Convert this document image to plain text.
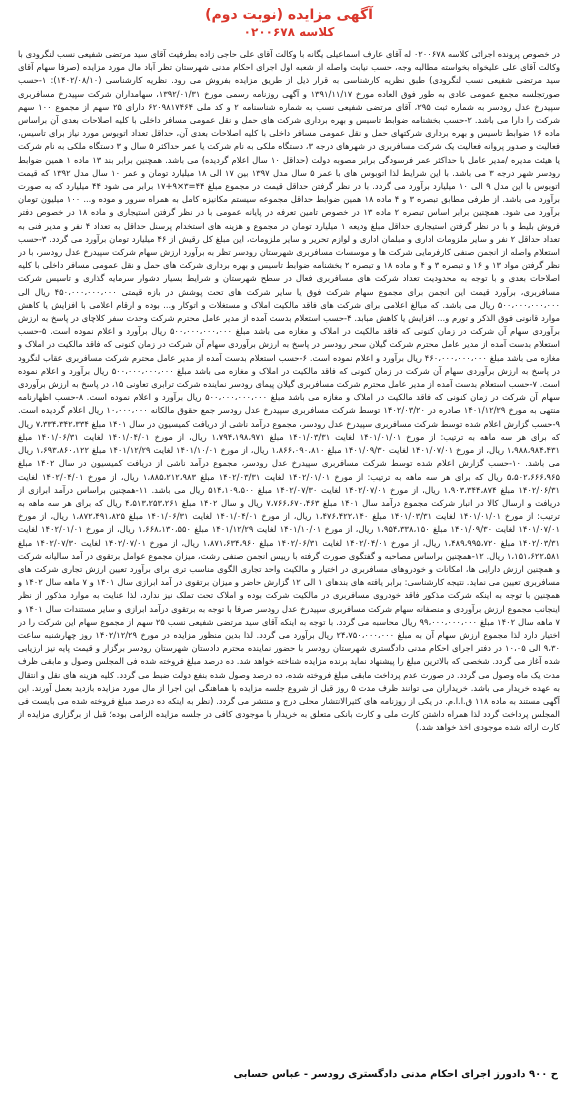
آگهی مزایده (نوبت دوم)
کلاسه ۰۲۰۰۶۷۸

در خصوص پرونده اجرائی کلاسه ۰۲۰۰۶۷۸ له آقای عارف اسماعیلی یگانه با وکالت آقای علی حاجی زاده بطرفیت آقای سید مرتضی شفیعی نسب لنگرودی با وکالت آقای علی علیخواه بخواسته مطالبه وجه، حسب نیابت واصله از شعبه اول اجرای احکام مدنی شهرستان تظر آباد مال مورد مزایده (صرفا سهام آقای سید مرتضی شفیعی نسب لنگرودی) طبق نظریه کارشناسی به قرار ذیل از طریق مزایده بفروش می رود. نظریه کارشناسی (۱۴۰۲/۰۸/۱۰): ۱-حسب صورتجلسه مجمع عمومی عادی به طور فوق العاده مورخ ۱۳۹۱/۱۱/۱۷ و آگهی روزنامه رسمی مورخ ۱۳۹۲/۰۱/۳۱، سهامداران شرکت سپیدرخ مسافربری سپیدرخ عدل رودسر به شماره ثبت ۲۹۵، آقای مرتضی شفیعی نسب به شماره شناسنامه ۲ و کد ملی ۶۲۰۹۸۱۷۴۶۴ دارای ۲۵ سهم از مجموع ۱۰۰ سهم شرکت را دارا می باشد. ۲-حسب بخشنامه ضوابط تاسیس و بهره برداری شرکت های حمل و نقل عمومی مسافر داخلی با کلیه اصلاحات بعدی آن براساس ماده ۱۶ ضوابط تاسیس و بهره برداری شرکتهای حمل و نقل عمومی مسافر داخلی با کلیه اصلاحات بعدی آن، حداقل تعداد اتوبوس مورد نیاز برای تاسیس، فعالیت و صدور پروانه فعالیت یک شرکت مسافربری در شهرهای درجه ۳، دستگاه ملکی به نام شرکت یا عمر حداکثر ۵ سال و ۳ دستگاه ملکی به نام شرکت یا هیئت مدیره /مدیر عامل با حداکثر عمر فرسودگی برابر مصوبه دولت (حداقل ۱۰ سال اعلام گردیده) می باشد. همچنین برابر بند ۱۳ ماده ۱ همین ضوابط رودسر شهر درجه ۳ می باشد. با این شرایط لذا اتوبوس های با عمر ۵ سال مدل ۱۳۹۷ بین ۱۷ الی ۱۸ میلیارد تومان و عمر ۱۰ سال مدل ۱۳۹۲ که قیمت اتوبوس با این مدل ۹ الی ۱۰ میلیارد برآورد می گردد. با در نظر گرفتن حداقل قیمت در مجموع مبلغ ۴۴=۳×۹+۱۷ برابر می شود ۴۴ میلیارد که به صورت برآورد می باشد. از طرفی مطابق تبصره ۳ و ۴ ماده ۱۸ همین ضوابط حداقل مجموعه سیستم مکانیزه کامل به همراه سرور و موده و... ۱۰۰ میلیون تومان برآورد می شود. همچنین برابر اساس تبصره ۲ ماده ۱۳ در خصوص تامین تعرفه در پایانه عمومی با در نظر گرفتن استیجاری و ماده ۱۸ در خصوص دفتر فروش بلیط و با در نظر گرفتن استیجاری حداقل مبلغ ودیعه ۱ میلیارد تومان در مجموع و هزینه های استخدام پرسنل حداقل به تعداد ۴ نفر و مدیر فنی به تعداد حداقل ۲ نفر و سایر ملزومات اداری و مبلمان اداری و لوازم تحریر و سایر ملزومات، این مبلغ کل رقیش از ۴۶ میلیارد تومان برآورد می گردد. ۳-حسب استعلام واصله از انجمن صنفی کارفرمایی شرکت ها و موسسات مسافربری شهرستان رودسر تظر به برآورد ارزش سهام شرکت سپیدرخ عدل رودسر، با در نظر گرفتن مواد ۱۳ و ۱۶ و تبصره ۳ و ۴ و ماده ۱۸ و تبصره ۲ بخشنامه ضوابط تاسیس و بهره برداری شرکت های حمل و نقل عمومی مسافر داخلی با کلیه اصلاحات بعدی و با توجه به محدودیت تعداد شرکت های مسافربری فعال در سطح شهرستان و شرایط بسیار دشوار سرمایه گذاری و تاسیس شرکت مسافربری، برآورد قیمت این انجمن برای مجموع سهام شرکت فوق یا سایر شرکت های تحت پوشش در بازه قیمتی ۴۵۰،۰۰۰،۰۰۰،۰۰۰ ریال الی ۵۰۰،۰۰۰،۰۰۰،۰۰۰ ریال می باشد. که مبالغ اعلامی برای شرکت های فاقد مالکیت املاک و مستغلات و اتوکار و... بوده و ارقام اعلامی با افزایش یا کاهش موارد قانونی فوق الذکر و تورم و... افزایش یا کاهش مبابد. ۴-حسب استعلام بدست آمده از مدیر عامل محترم شرکت وحدت سفر کلاچای در پاسخ به ارزش برآوردی سهام آن شرکت در زمان کنونی که فاقد مالکیت در املاک و مغازه می باشد مبلغ ۵۰۰،۰۰۰،۰۰۰،۰۰۰ ریال برآورد و اعلام نموده است. ۵-حسب استعلام بدست آمده از مدیر عامل محترم شرکت گیلان سحر رودسر در پاسخ به ارزش برآوردی سهام آن شرکت در زمان کنونی که فاقد مالکیت در املاک و مغازه می باشد مبلغ ۴۶۰،۰۰۰،۰۰۰،۰۰۰ ریال برآورد و اعلام نموده است. ۶-حسب استعلام بدست آمده از مدیر عامل محترم شرکت مسافربری عقاب لنگرود در پاسخ به ارزش برآوردی سهام آن شرکت در زمان کنونی که فاقد مالکیت در املاک و مغازه می باشد مبلغ ۵۰۰،۰۰۰،۰۰۰،۰۰۰ ریال برآورد و اعلام نموده است. ۷-حسب استعلام بدست آمده از مدیر عامل محترم شرکت مسافربری گیلان پیمای رودسر نماینده شرکت ترابری تعاونی ۱۵، در پاسخ به ارزش برآوردی سهام آن شرکت در زمان کنونی که فاقد مالکیت در املاک و مغازه می باشد مبلغ ۵۰۰،۰۰۰،۰۰۰،۰۰۰ ریال برآورد و اعلام نموده است. ۸-حسب اظهارنامه منتهی به مورخ ۱۴۰۱/۱۲/۲۹ صادره در ۱۴۰۲/۰۳/۲۰ توسط شرکت مسافربری سپیدرخ عدل رودسر جمع حقوق مالکانه ۱۰،۰۰۰،۰۰۰ ریال اعلام گردیده است. ۹-حسب گزارش اعلام شده توسط شرکت مسافربری سپیدرخ عدل رودسر، مجموع درآمد ناشی از دریافت کمیسیون در سال ۱۴۰۱ مبلغ ۷،۳۳۴،۳۴۲،۳۳۴ ریال که برای هر سه ماهه به ترتیب: از مورخ ۱۴۰۱/۰۱/۰۱ لغایت ۱۴۰۱/۰۳/۳۱ مبلغ ۱،۷۹۴،۱۹۸،۹۷۱ ریال، از مورخ ۱۴۰۱/۰۴/۰۱ لغایت ۱۴۰۱/۰۶/۳۱ مبلغ ۱،۹۸۸،۹۸۴،۴۳۱ ریال، از مورخ ۱۴۰۱/۰۷/۰۱ لغایت ۱۴۰۱/۰۹/۳۰ مبلغ ۱،۸۶۶،۰۹۰،۸۱۰ ریال، از مورخ ۱۴۰۱/۱۰/۰۱ لغایت ۱۴۰۱/۱۲/۲۹ مبلغ ۱،۶۹۳،۸۶۰،۱۲۲ ریال می باشد. ۱۰-حسب گزارش اعلام شده توسط شرکت مسافربری سپیدرخ عدل رودسر، مجموع درآمد ناشی از دریافت کمیسیون در سال ۱۴۰۲ مبلغ ۵،۵۰۲،۶۶۶،۹۶۵ ریال که برای هر سه ماهه به ترتیب: از مورخ ۱۴۰۲/۰۱/۰۱ لغایت ۱۴۰۲/۰۳/۳۱ مبلغ ۱،۸۸۵،۲۱۲،۹۸۳ ریال، از مورخ ۱۴۰۲/۰۴/۰۱ لغایت ۱۴۰۲/۰۶/۳۱ مبلغ ۱،۹۰۳،۳۴۴،۸۷۴ ریال، از مورخ ۱۴۰۲/۰۷/۰۱ لغایت ۱۴۰۲/۰۷/۳۰ مبلغ ۵۱۴،۱۰۹،۵۰۰ ریال می باشد. ۱۱-همچنین براساس درآمد ابرازی از دریافت و ارسال کالا در انبار شرکت مجموع درآمد سال ۱۴۰۱ مبلغ ۷،۷۶۶،۶۷۰،۴۶۳ ریال و سال ۱۴۰۲ مبلغ ۴،۵۱۳،۲۵۳،۲۶۱ ریال که برای هر سه ماهه به ترتیب: از مورخ ۱۴۰۱/۰۱/۰۱ لغایت ۱۴۰۱/۰۳/۳۱ مبلغ ۱،۴۷۶،۴۲۲،۱۴۰ ریال، از مورخ ۱۴۰۱/۰۴/۰۱ لغایت ۱۴۰۱/۰۶/۳۱ مبلغ ۱،۸۷۲،۴۹۱،۸۲۵ ریال، از مورخ ۱۴۰۱/۰۷/۰۱ لغایت ۱۴۰۱/۰۹/۳۰ مبلغ ۱،۹۵۴،۳۳۸،۱۵۰ ریال، از مورخ ۱۴۰۱/۱۰/۰۱ لغایت ۱۴۰۱/۱۲/۲۹ مبلغ ۱،۶۶۸،۱۳۰،۵۵۰ ریال، از مورخ ۱۴۰۲/۰۱/۰۱ لغایت ۱۴۰۲/۰۳/۳۱ مبلغ ۱،۴۸۹،۹۹۵،۷۲۰ ریال، از مورخ ۱۴۰۲/۰۴/۰۱ لغایت ۱۴۰۲/۰۶/۳۱ مبلغ ۱،۸۷۱،۶۳۴،۹۶۰ ریال، از مورخ ۱۴۰۲/۰۷/۰۱ لغایت ۱۴۰۲/۰۷/۳۰ مبلغ ۱،۱۵۱،۶۲۲،۵۸۱ ریال. ۱۲-همچنین براساس مصاحبه و گفتگوی صورت گرفته با رییس انجمن صنفی رشت، میزان مجموع عوامل برتقوی در آمد سالیانه شرکت و همچنین ارزش دارایی ها، امکانات و خودروهای مسافربری در اختیار و مالکیت واحد تجاری الگوی مناسب تری برای برآورد تعیین ارزش تجاری شرکت های مسافربری تعیین می نماید. نتیجه کارشناسی: برابر یافته های بندهای ۱ الی ۱۲ گزارش حاضر و میزان برتقوی در آمد ابرازی سال ۱۴۰۱ و ۷ ماهه سال ۱۴۰۲ و همچنین با توجه به اینکه شرکت مذکور فاقد خودروی مسافربری در مالکیت شرکت بوده و املاک تحت تملک نیز ندارد، لذا عنایت به موارد مذکور از نظر اینجانب مجموع ارزش برآوردی و منصفانه سهام شرکت مسافربری سپیدرخ عدل رودسر صرفا با توجه به برتقوی درآمد ابرازی و سایر مستندات سال ۱۴۰۱ و ۷ ماهه سال ۱۴۰۲ مبلغ ۹۹،۰۰۰،۰۰۰،۰۰۰ ریال محاسبه می گردد. با توجه به اینکه آقای سید مرتضی شفیعی نسب ۲۵ سهم از مجموع سهام این شرکت را در اختیار دارد لذا مجموع ارزش سهام آن به مبلغ ۲۴،۷۵۰،۰۰۰،۰۰۰ ریال برآورد می گردد. لذا بدین منظور مزایده در مورخ ۱۴۰۲/۱۲/۲۹ روز چهارشنبه ساعت ۹،۳۰ الی ۱۰،۰۵ در دفتر اجرای احکام مدنی دادگستری شهرستان رودسر با حضور نماینده محترم دادستان شهرستان رودسر برگزار و قیمت پایه نیز ارزیابی شده آغاز می گردد. شخصی که بالاترین مبلغ را پیشنهاد نماید برنده مزایده شناخته خواهد شد. ده درصد مبلغ فروخته شده فی المجلس وصول و مابقی ظرف مدت یک ماه وصول می گردد. در صورت عدم پرداخت مابقی مبلغ فروخته شده، ده درصد وصول شده بنفع دولت ضبط می گردد. کلیه هزینه های نقل و انتقال به عهده خریدار می باشد. خریداران می توانند ظرف مدت ۵ روز قبل از شروع جلسه مزایده با هماهنگی این اجرا از مال مورد مزایده بازدید بعمل آورند. این آگهی مستند به ماده ۱۱۸ ق.ا.ا.م. در یکی از روزنامه های کثیرالانتشار محلی درج و منتشر می گردد. (نظر به اینکه ده درصد مبلغ فروخته شده می بایست فی المجلس پرداخت گردد لذا همراه داشتن کارت ملی و کارت بانکی متعلق به خریدار با موجودی کافی در جلسه مزایده الزامی بوده؛ قبل از برگزاری مزایده از کارت ارائه شده موجودی اخذ خواهد شد.)

ح ۹۰۰ دادورز اجرای احکام مدنی دادگستری رودسر - عباس حسابی
